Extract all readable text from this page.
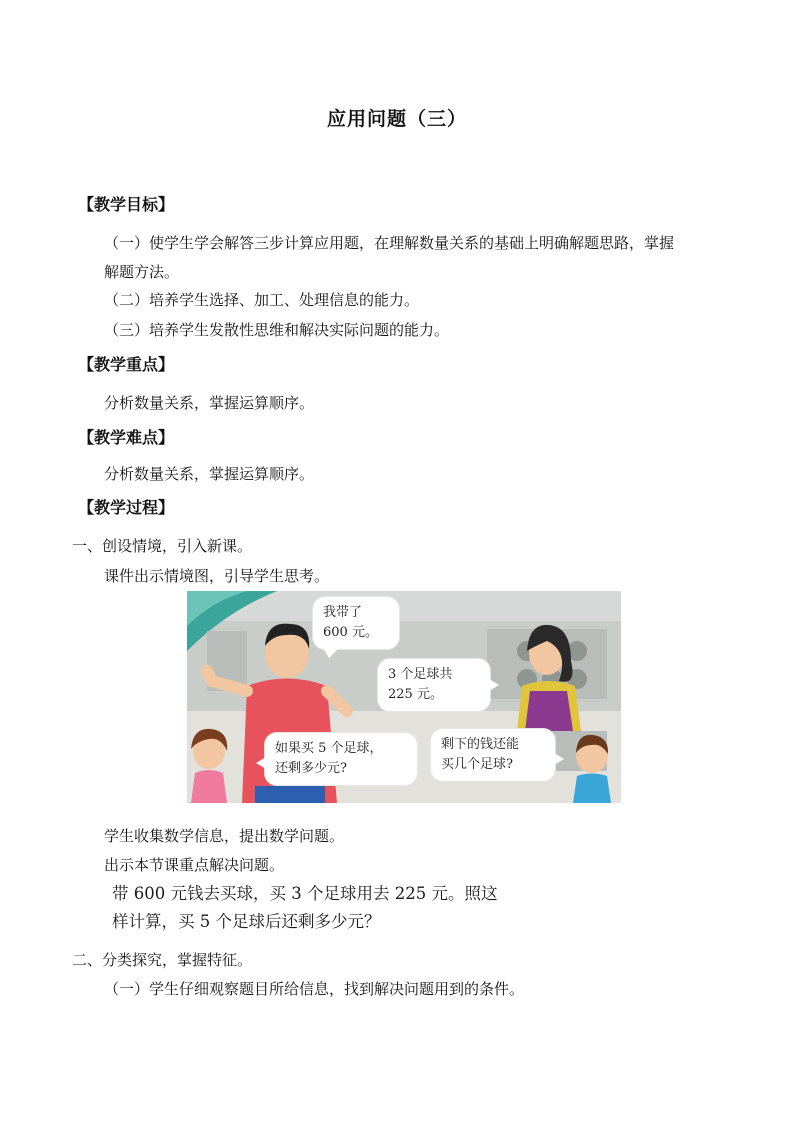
应用问题（三）
【教学目标】
（一）使学生学会解答三步计算应用题，在理解数量关系的基础上明确解题思路，掌握
解题方法。
（二）培养学生选择、加工、处理信息的能力。
（三）培养学生发散性思维和解决实际问题的能力。
【教学重点】
分析数量关系，掌握运算顺序。
【教学难点】
分析数量关系，掌握运算顺序。
【教学过程】
一、创设情境，引入新课。
课件出示情境图，引导学生思考。
我带了
600 元。
3 个足球共
225 元。
如果买 5 个足球，
还剩多少元?
剩下的钱还能
买几个足球?
学生收集数学信息，提出数学问题。
出示本节课重点解决问题。
带 600 元钱去买球，买 3 个足球用去 225 元。照这
样计算，买 5 个足球后还剩多少元？
二、分类探究，掌握特征。
（一）学生仔细观察题目所给信息，找到解决问题用到的条件。
